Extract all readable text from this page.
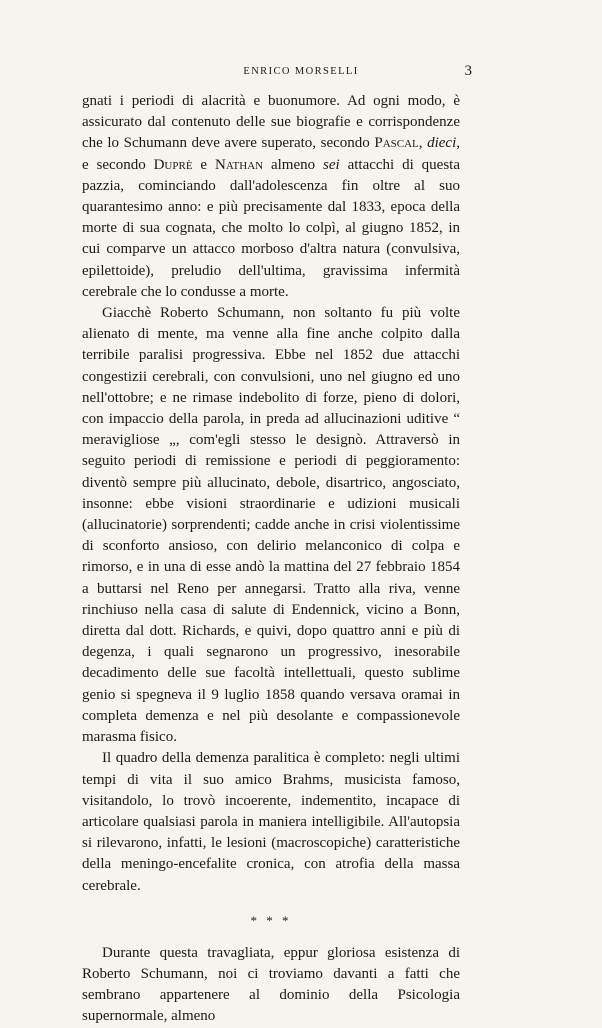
ENRICO MORSELLI	3

gnati i periodi di alacrità e buonumore. Ad ogni modo, è assicurato dal contenuto delle sue biografie e corrispondenze che lo Schumann deve avere superato, secondo Pascal, dieci, e secondo Duprè e Nathan almeno sei attacchi di questa pazzia, cominciando dall'adolescenza fin oltre al suo quarantesimo anno: e più precisamente dal 1833, epoca della morte di sua cognata, che molto lo colpì, al giugno 1852, in cui comparve un attacco morboso d'altra natura (convulsiva, epilettoide), preludio dell'ultima, gravissima infermità cerebrale che lo condusse a morte.

Giacchè Roberto Schumann, non soltanto fu più volte alienato di mente, ma venne alla fine anche colpito dalla terribile paralisi progressiva. Ebbe nel 1852 due attacchi congestizii cerebrali, con convulsioni, uno nel giugno ed uno nell'ottobre; e ne rimase indebolito di forze, pieno di dolori, con impaccio della parola, in preda ad allucinazioni uditive “ meravigliose „, com'egli stesso le designò. Attraversò in seguito periodi di remissione e periodi di peggioramento: diventò sempre più allucinato, debole, disartrico, angosciato, insonne: ebbe visioni straordinarie e udizioni musicali (allucinatorie) sorprendenti; cadde anche in crisi violentissime di sconforto ansioso, con delirio melanconico di colpa e rimorso, e in una di esse andò la mattina del 27 febbraio 1854 a buttarsi nel Reno per annegarsi. Tratto alla riva, venne rinchiuso nella casa di salute di Endennick, vicino a Bonn, diretta dal dott. Richards, e quivi, dopo quattro anni e più di degenza, i quali segnarono un progressivo, inesorabile decadimento delle sue facoltà intellettuali, questo sublime genio si spegneva il 9 luglio 1858 quando versava oramai in completa demenza e nel più desolante e compassionevole marasma fisico.

Il quadro della demenza paralitica è completo: negli ultimi tempi di vita il suo amico Brahms, musicista famoso, visitandolo, lo trovò incoerente, indementito, incapace di articolare qualsiasi parola in maniera intelligibile. All'autopsia si rilevarono, infatti, le lesioni (macroscopiche) caratteristiche della meningo-encefalite cronica, con atrofia della massa cerebrale.

* * *

Durante questa travagliata, eppur gloriosa esistenza di Roberto Schumann, noi ci troviamo davanti a fatti che sembrano appartenere al dominio della Psicologia supernormale, almeno
